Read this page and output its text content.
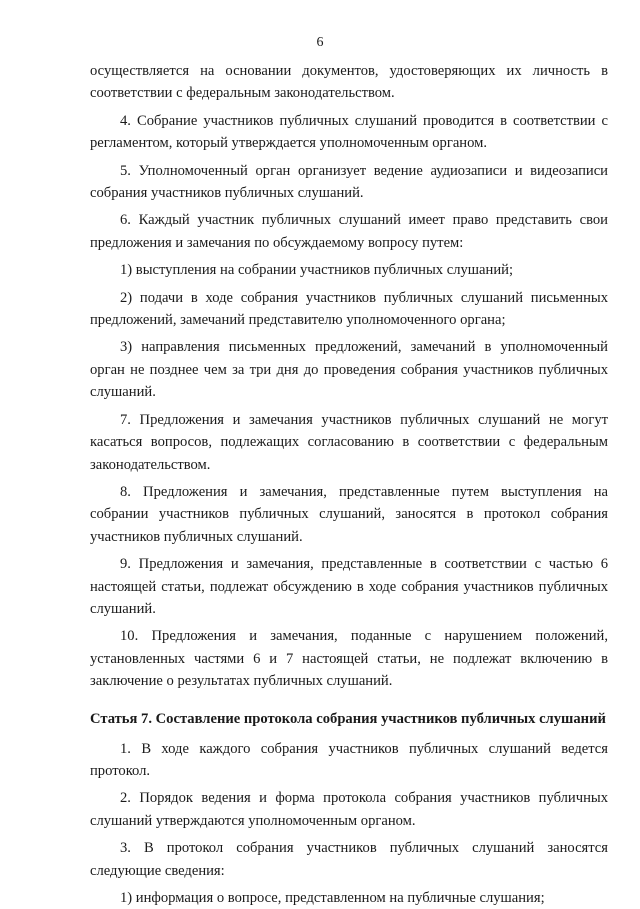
6

осуществляется на основании документов, удостоверяющих их личность в соответствии с федеральным законодательством.

4. Собрание участников публичных слушаний проводится в соответствии с регламентом, который утверждается уполномоченным органом.

5. Уполномоченный орган организует ведение аудиозаписи и видеозаписи собрания участников публичных слушаний.

6. Каждый участник публичных слушаний имеет право представить свои предложения и замечания по обсуждаемому вопросу путем:

1) выступления на собрании участников публичных слушаний;

2) подачи в ходе собрания участников публичных слушаний письменных предложений, замечаний представителю уполномоченного органа;

3) направления письменных предложений, замечаний в уполномоченный орган не позднее чем за три дня до проведения собрания участников публичных слушаний.

7. Предложения и замечания участников публичных слушаний не могут касаться вопросов, подлежащих согласованию в соответствии с федеральным законодательством.

8. Предложения и замечания, представленные путем выступления на собрании участников публичных слушаний, заносятся в протокол собрания участников публичных слушаний.

9. Предложения и замечания, представленные в соответствии с частью 6 настоящей статьи, подлежат обсуждению в ходе собрания участников публичных слушаний.

10. Предложения и замечания, поданные с нарушением положений, установленных частями 6 и 7 настоящей статьи, не подлежат включению в заключение о результатах публичных слушаний.

Статья 7. Составление протокола собрания участников публичных слушаний

1. В ходе каждого собрания участников публичных слушаний ведется протокол.

2. Порядок ведения и форма протокола собрания участников публичных слушаний утверждаются уполномоченным органом.

3. В протокол собрания участников публичных слушаний заносятся следующие сведения:

1) информация о вопросе, представленном на публичные слушания;
